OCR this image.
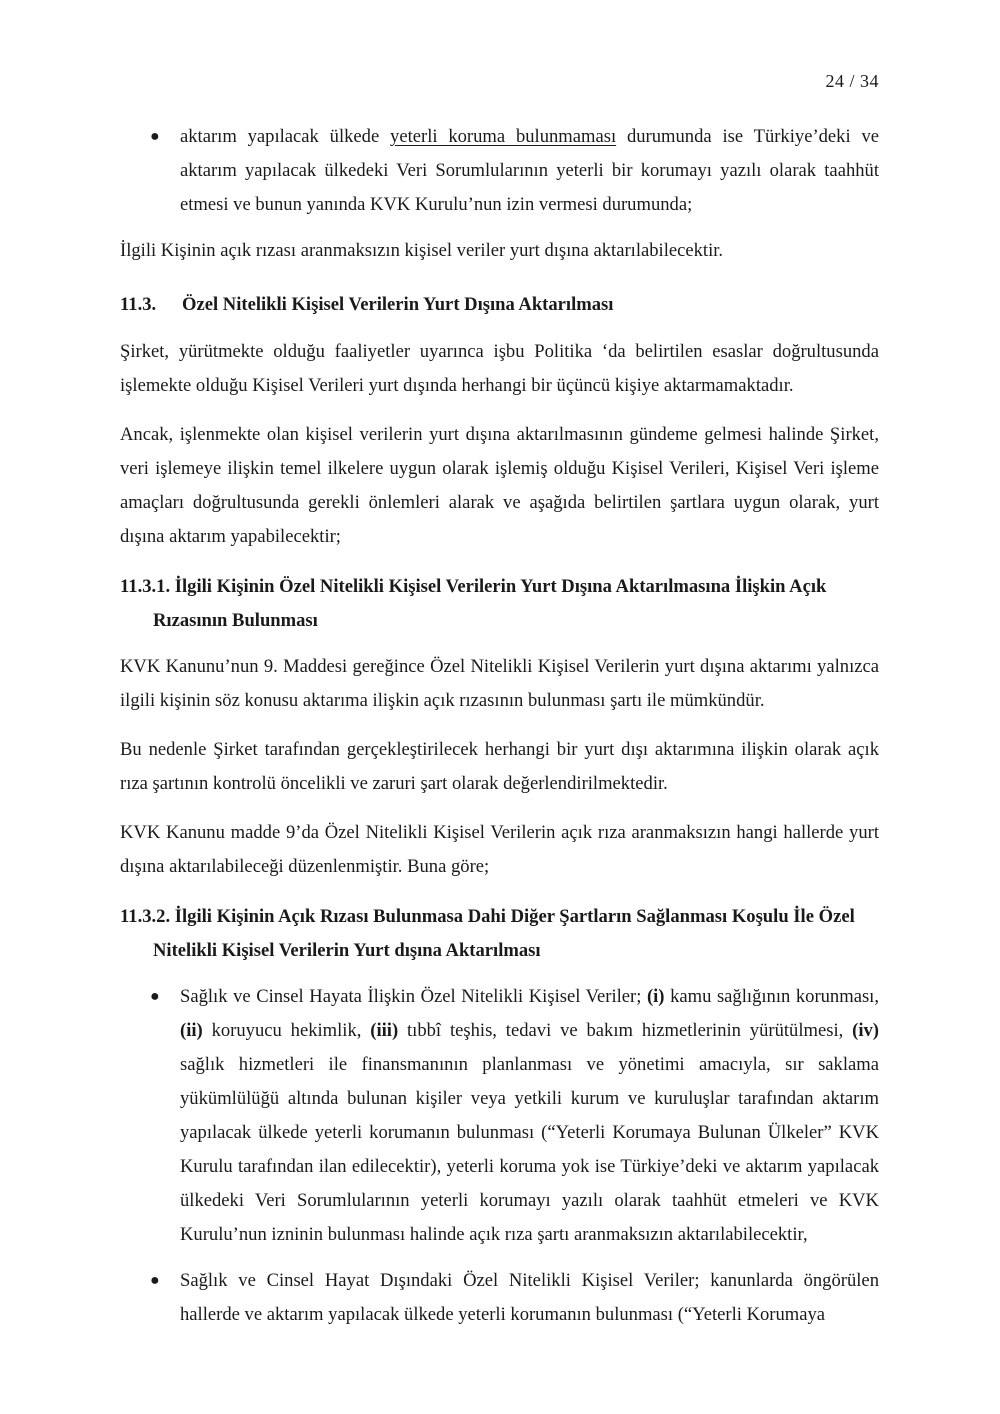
24 / 34

● aktarım yapılacak ülkede yeterli koruma bulunmaması durumunda ise Türkiye’deki ve aktarım yapılacak ülkedeki Veri Sorumlularının yeterli bir korumayı yazılı olarak taahhüt etmesi ve bunun yanında KVK Kurulu’nun izin vermesi durumunda;

İlgili Kişinin açık rızası aranmaksızın kişisel veriler yurt dışına aktarılabilecektir.

11.3. Özel Nitelikli Kişisel Verilerin Yurt Dışına Aktarılması

Şirket, yürütmekte olduğu faaliyetler uyarınca işbu Politika ‘da belirtilen esaslar doğrultusunda işlemekte olduğu Kişisel Verileri yurt dışında herhangi bir üçüncü kişiye aktarmamaktadır.

Ancak, işlenmekte olan kişisel verilerin yurt dışına aktarılmasının gündeme gelmesi halinde Şirket, veri işlemeye ilişkin temel ilkelere uygun olarak işlemiş olduğu Kişisel Verileri, Kişisel Veri işleme amaçları doğrultusunda gerekli önlemleri alarak ve aşağıda belirtilen şartlara uygun olarak, yurt dışına aktarım yapabilecektir;

11.3.1. İlgili Kişinin Özel Nitelikli Kişisel Verilerin Yurt Dışına Aktarılmasına İlişkin Açık Rızasının Bulunması

KVK Kanunu’nun 9. Maddesi gereğince Özel Nitelikli Kişisel Verilerin yurt dışına aktarımı yalnızca ilgili kişinin söz konusu aktarıma ilişkin açık rızasının bulunması şartı ile mümkündür.

Bu nedenle Şirket tarafından gerçekleştirilecek herhangi bir yurt dışı aktarımına ilişkin olarak açık rıza şartının kontrolü öncelikli ve zaruri şart olarak değerlendirilmektedir.

KVK Kanunu madde 9’da Özel Nitelikli Kişisel Verilerin açık rıza aranmaksızın hangi hallerde yurt dışına aktarılabileceği düzenlenmiştir. Buna göre;

11.3.2. İlgili Kişinin Açık Rızası Bulunmasa Dahi Diğer Şartların Sağlanması Koşulu İle Özel Nitelikli Kişisel Verilerin Yurt dışına Aktarılması

● Sağlık ve Cinsel Hayata İlişkin Özel Nitelikli Kişisel Veriler; (i) kamu sağlığının korunması, (ii) koruyucu hekimlik, (iii) tıbbî teşhis, tedavi ve bakım hizmetlerinin yürütülmesi, (iv) sağlık hizmetleri ile finansmanının planlanması ve yönetimi amacıyla, sır saklama yükümlülüğü altında bulunan kişiler veya yetkili kurum ve kuruluşlar tarafından aktarım yapılacak ülkede yeterli korumanın bulunması (“Yeterli Korumaya Bulunan Ülkeler” KVK Kurulu tarafından ilan edilecektir), yeterli koruma yok ise Türkiye’deki ve aktarım yapılacak ülkedeki Veri Sorumlularının yeterli korumayı yazılı olarak taahhüt etmeleri ve KVK Kurulu’nun izninin bulunması halinde açık rıza şartı aranmaksızın aktarılabilecektir,

● Sağlık ve Cinsel Hayat Dışındaki Özel Nitelikli Kişisel Veriler; kanunlarda öngörülen hallerde ve aktarım yapılacak ülkede yeterli korumanın bulunması (“Yeterli Korumaya
